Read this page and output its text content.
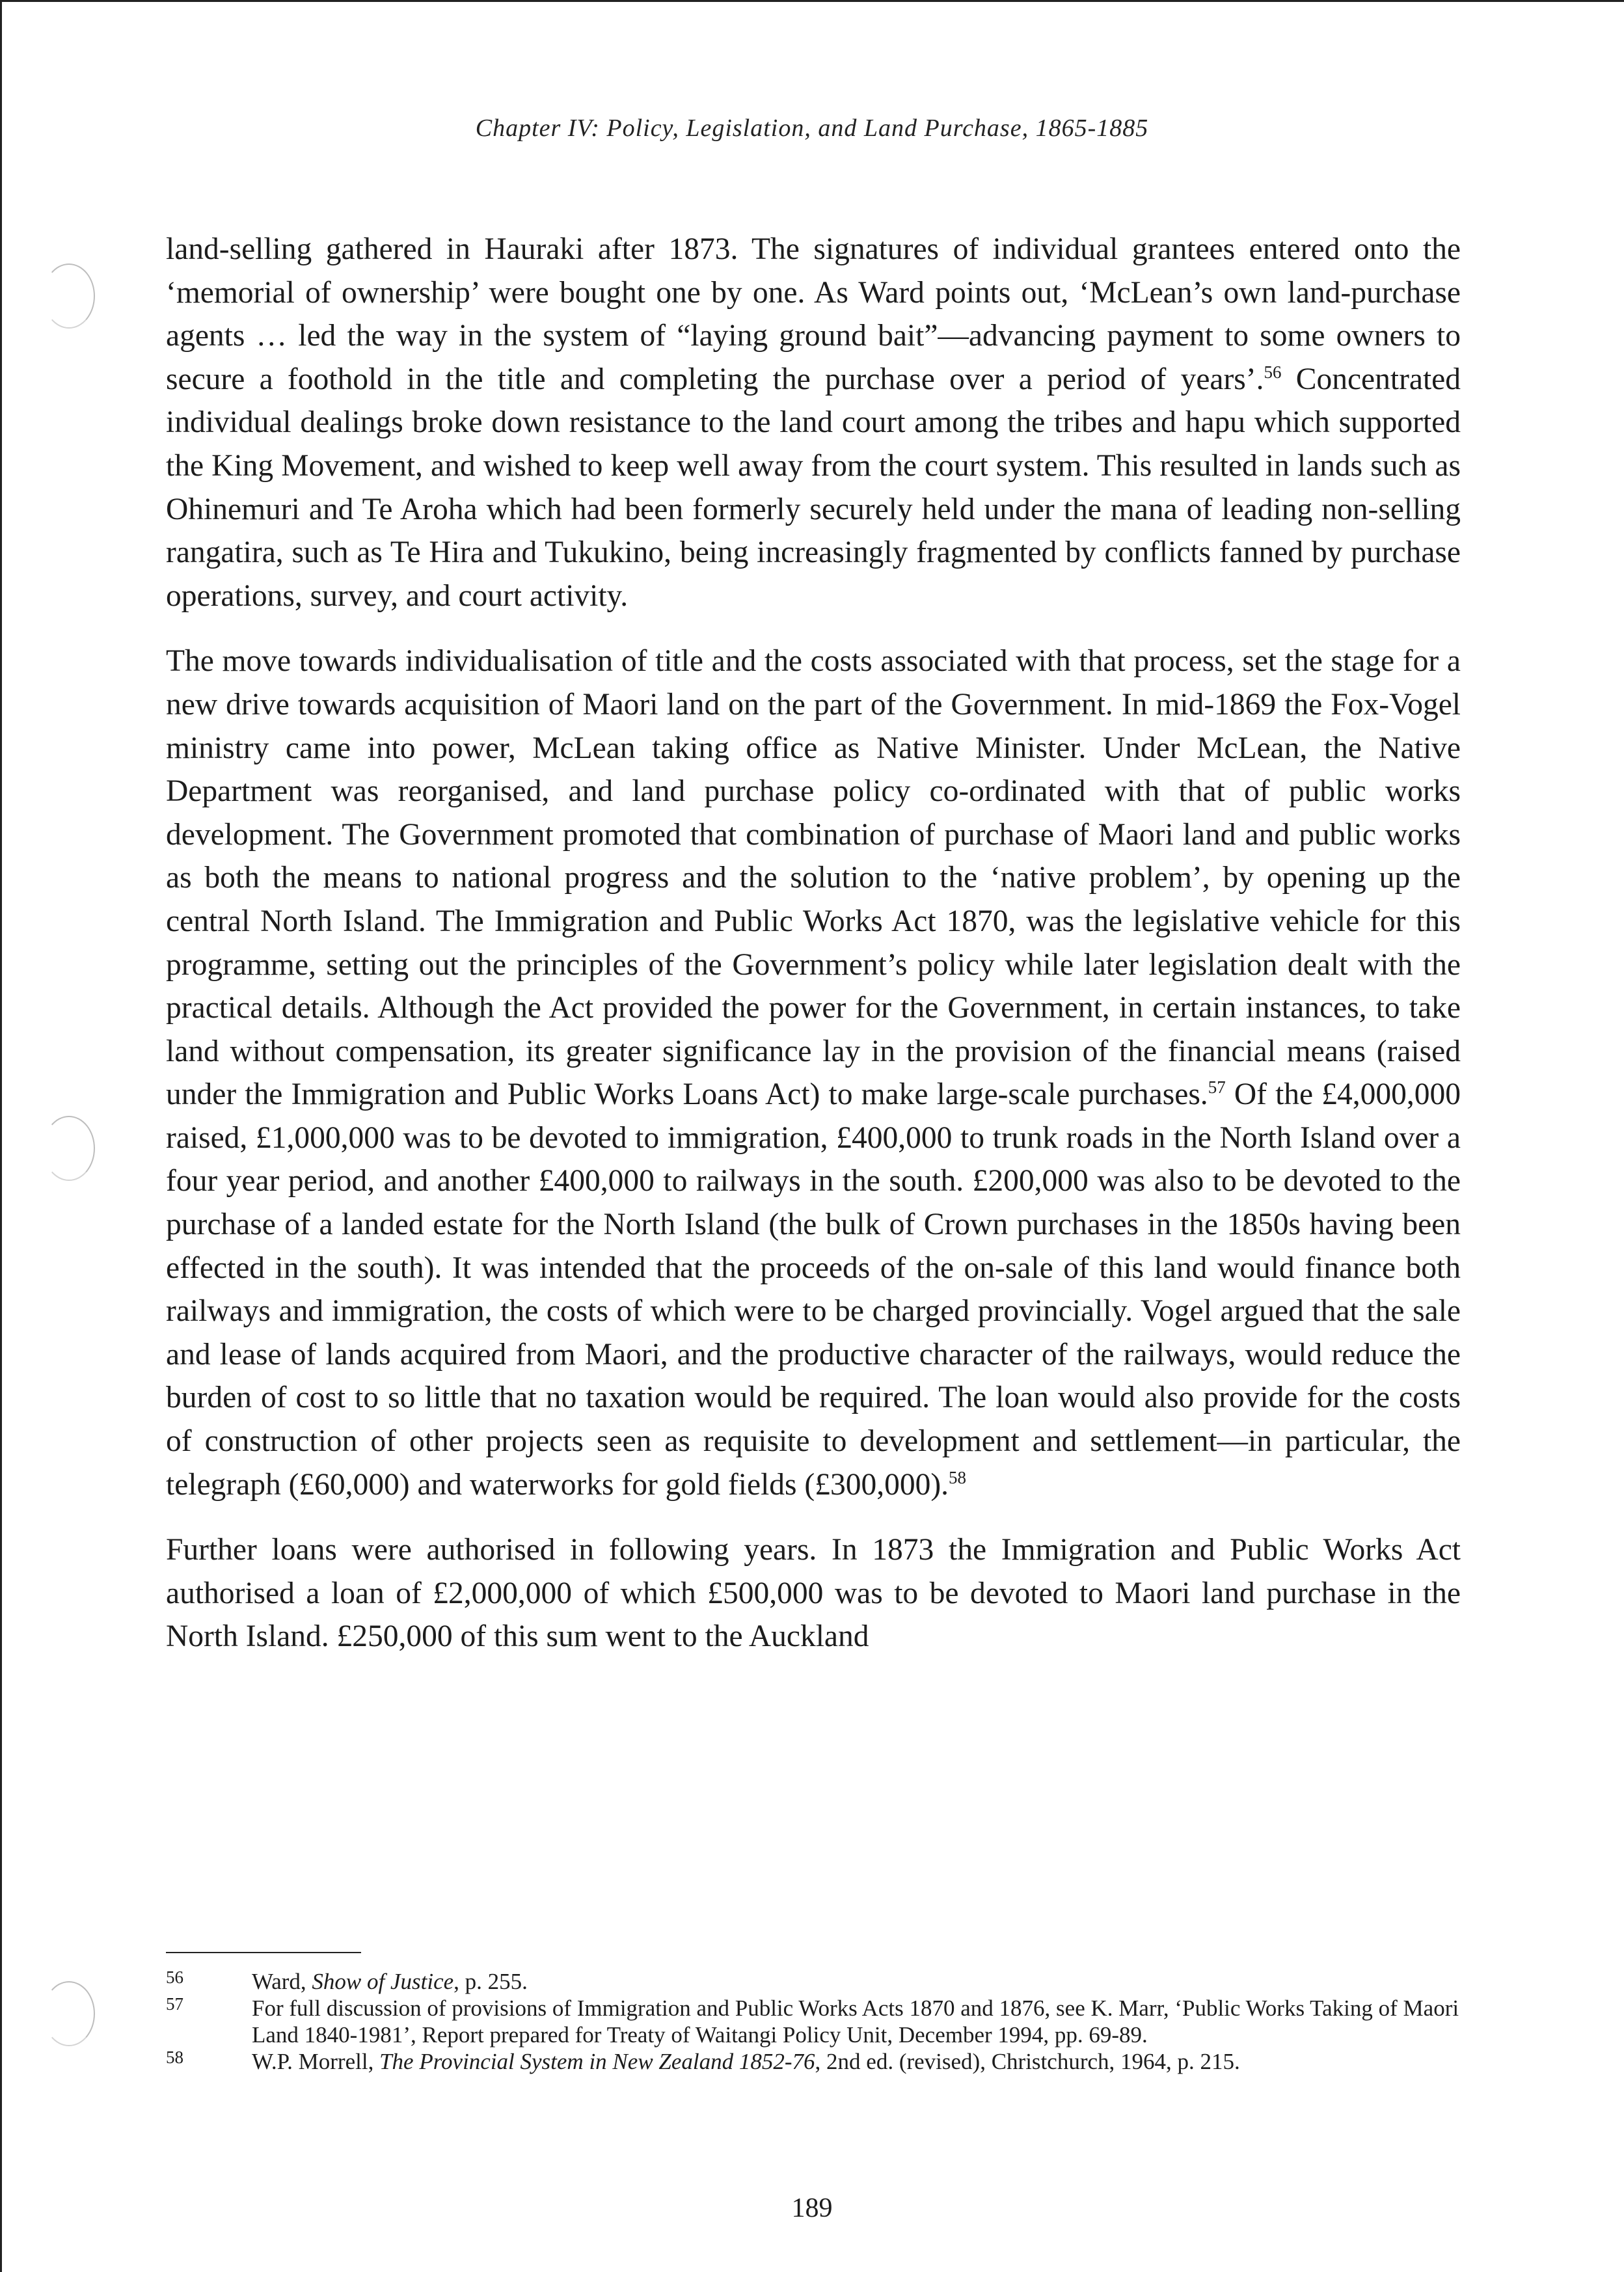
Chapter IV: Policy, Legislation, and Land Purchase, 1865-1885

land-selling gathered in Hauraki after 1873. The signatures of individual grantees entered onto the ‘memorial of ownership’ were bought one by one. As Ward points out, ‘McLean’s own land-purchase agents … led the way in the system of “laying ground bait”—advancing payment to some owners to secure a foothold in the title and completing the purchase over a period of years’.$^{56}$ Concentrated individual dealings broke down resistance to the land court among the tribes and hapu which supported the King Movement, and wished to keep well away from the court system. This resulted in lands such as Ohinemuri and Te Aroha which had been formerly securely held under the mana of leading non-selling rangatira, such as Te Hira and Tukukino, being increasingly fragmented by conflicts fanned by purchase operations, survey, and court activity.

The move towards individualisation of title and the costs associated with that process, set the stage for a new drive towards acquisition of Maori land on the part of the Government. In mid-1869 the Fox-Vogel ministry came into power, McLean taking office as Native Minister. Under McLean, the Native Department was reorganised, and land purchase policy co-ordinated with that of public works development. The Government promoted that combination of purchase of Maori land and public works as both the means to national progress and the solution to the ‘native problem’, by opening up the central North Island. The Immigration and Public Works Act 1870, was the legislative vehicle for this programme, setting out the principles of the Government’s policy while later legislation dealt with the practical details. Although the Act provided the power for the Government, in certain instances, to take land without compensation, its greater significance lay in the provision of the financial means (raised under the Immigration and Public Works Loans Act) to make large-scale purchases.$^{57}$ Of the £4,000,000 raised, £1,000,000 was to be devoted to immigration, £400,000 to trunk roads in the North Island over a four year period, and another £400,000 to railways in the south. £200,000 was also to be devoted to the purchase of a landed estate for the North Island (the bulk of Crown purchases in the 1850s having been effected in the south). It was intended that the proceeds of the on-sale of this land would finance both railways and immigration, the costs of which were to be charged provincially. Vogel argued that the sale and lease of lands acquired from Maori, and the productive character of the railways, would reduce the burden of cost to so little that no taxation would be required. The loan would also provide for the costs of construction of other projects seen as requisite to development and settlement—in particular, the telegraph (£60,000) and waterworks for gold fields (£300,000).$^{58}$

Further loans were authorised in following years. In 1873 the Immigration and Public Works Act authorised a loan of £2,000,000 of which £500,000 was to be devoted to Maori land purchase in the North Island. £250,000 of this sum went to the Auckland

56	Ward, Show of Justice, p. 255.
57	For full discussion of provisions of Immigration and Public Works Acts 1870 and 1876, see K. Marr, ‘Public Works Taking of Maori Land 1840-1981’, Report prepared for Treaty of Waitangi Policy Unit, December 1994, pp. 69-89.
58	W.P. Morrell, The Provincial System in New Zealand 1852-76, 2nd ed. (revised), Christchurch, 1964, p. 215.
189
